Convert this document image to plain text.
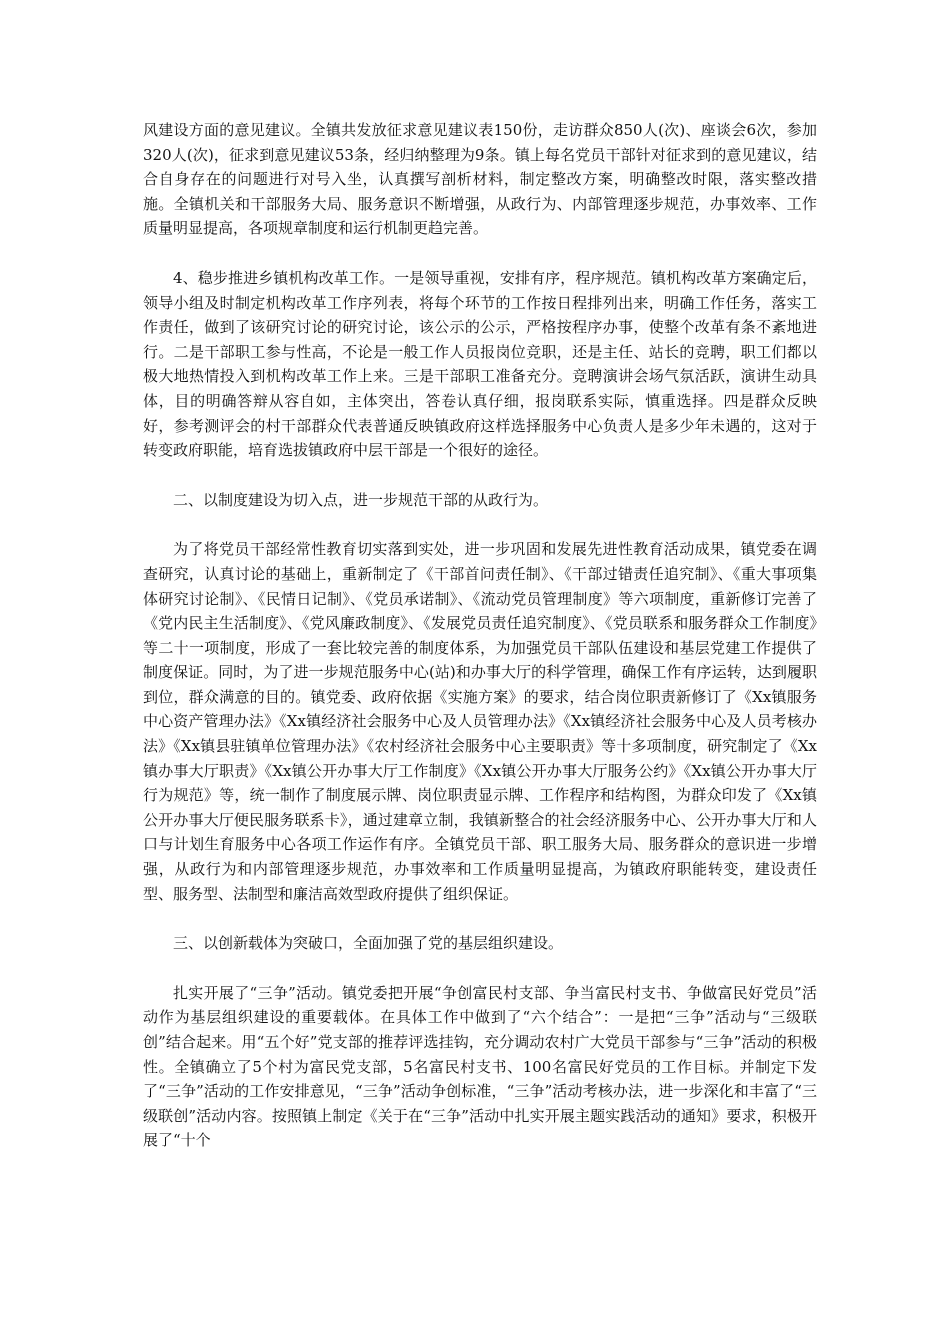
风建设方面的意见建议。全镇共发放征求意见建议表150份，走访群众850人(次)、座谈会6次，参加320人(次)，征求到意见建议53条，经归纳整理为9条。镇上每名党员干部针对征求到的意见建议，结合自身存在的问题进行对号入坐，认真撰写剖析材料，制定整改方案，明确整改时限，落实整改措施。全镇机关和干部服务大局、服务意识不断增强，从政行为、内部管理逐步规范，办事效率、工作质量明显提高，各项规章制度和运行机制更趋完善。

4、稳步推进乡镇机构改革工作。一是领导重视，安排有序，程序规范。镇机构改革方案确定后，领导小组及时制定机构改革工作序列表，将每个环节的工作按日程排列出来，明确工作任务，落实工作责任，做到了该研究讨论的研究讨论，该公示的公示，严格按程序办事，使整个改革有条不紊地进行。二是干部职工参与性高，不论是一般工作人员报岗位竞职，还是主任、站长的竞聘，职工们都以极大地热情投入到机构改革工作上来。三是干部职工准备充分。竞聘演讲会场气氛活跃，演讲生动具体，目的明确答辩从容自如，主体突出，答卷认真仔细，报岗联系实际，慎重选择。四是群众反映好，参考测评会的村干部群众代表普通反映镇政府这样选择服务中心负责人是多少年未遇的，这对于转变政府职能，培育选拔镇政府中层干部是一个很好的途径。

二、以制度建设为切入点，进一步规范干部的从政行为。

为了将党员干部经常性教育切实落到实处，进一步巩固和发展先进性教育活动成果，镇党委在调查研究，认真讨论的基础上，重新制定了《干部首问责任制》、《干部过错责任追究制》、《重大事项集体研究讨论制》、《民情日记制》、《党员承诺制》、《流动党员管理制度》等六项制度，重新修订完善了《党内民主生活制度》、《党风廉政制度》、《发展党员责任追究制度》、《党员联系和服务群众工作制度》等二十一项制度，形成了一套比较完善的制度体系，为加强党员干部队伍建设和基层党建工作提供了制度保证。同时，为了进一步规范服务中心(站)和办事大厅的科学管理，确保工作有序运转，达到履职到位，群众满意的目的。镇党委、政府依据《实施方案》的要求，结合岗位职责新修订了《Xx镇服务中心资产管理办法》《Xx镇经济社会服务中心及人员管理办法》《Xx镇经济社会服务中心及人员考核办法》《Xx镇县驻镇单位管理办法》《农村经济社会服务中心主要职责》等十多项制度，研究制定了《Xx镇办事大厅职责》《Xx镇公开办事大厅工作制度》《Xx镇公开办事大厅服务公约》《Xx镇公开办事大厅行为规范》等，统一制作了制度展示牌、岗位职责显示牌、工作程序和结构图，为群众印发了《Xx镇公开办事大厅便民服务联系卡》，通过建章立制，我镇新整合的社会经济服务中心、公开办事大厅和人口与计划生育服务中心各项工作运作有序。全镇党员干部、职工服务大局、服务群众的意识进一步增强，从政行为和内部管理逐步规范，办事效率和工作质量明显提高，为镇政府职能转变，建设责任型、服务型、法制型和廉洁高效型政府提供了组织保证。

三、以创新载体为突破口，全面加强了党的基层组织建设。

扎实开展了“三争”活动。镇党委把开展“争创富民村支部、争当富民村支书、争做富民好党员”活动作为基层组织建设的重要载体。在具体工作中做到了“六个结合”：一是把“三争”活动与“三级联创”结合起来。用“五个好”党支部的推荐评选挂钩，充分调动农村广大党员干部参与“三争”活动的积极性。全镇确立了5个村为富民党支部，5名富民村支书、100名富民好党员的工作目标。并制定下发了“三争”活动的工作安排意见，“三争”活动争创标准，“三争”活动考核办法，进一步深化和丰富了“三级联创”活动内容。按照镇上制定《关于在“三争”活动中扎实开展主题实践活动的通知》要求，积极开展了“十个
